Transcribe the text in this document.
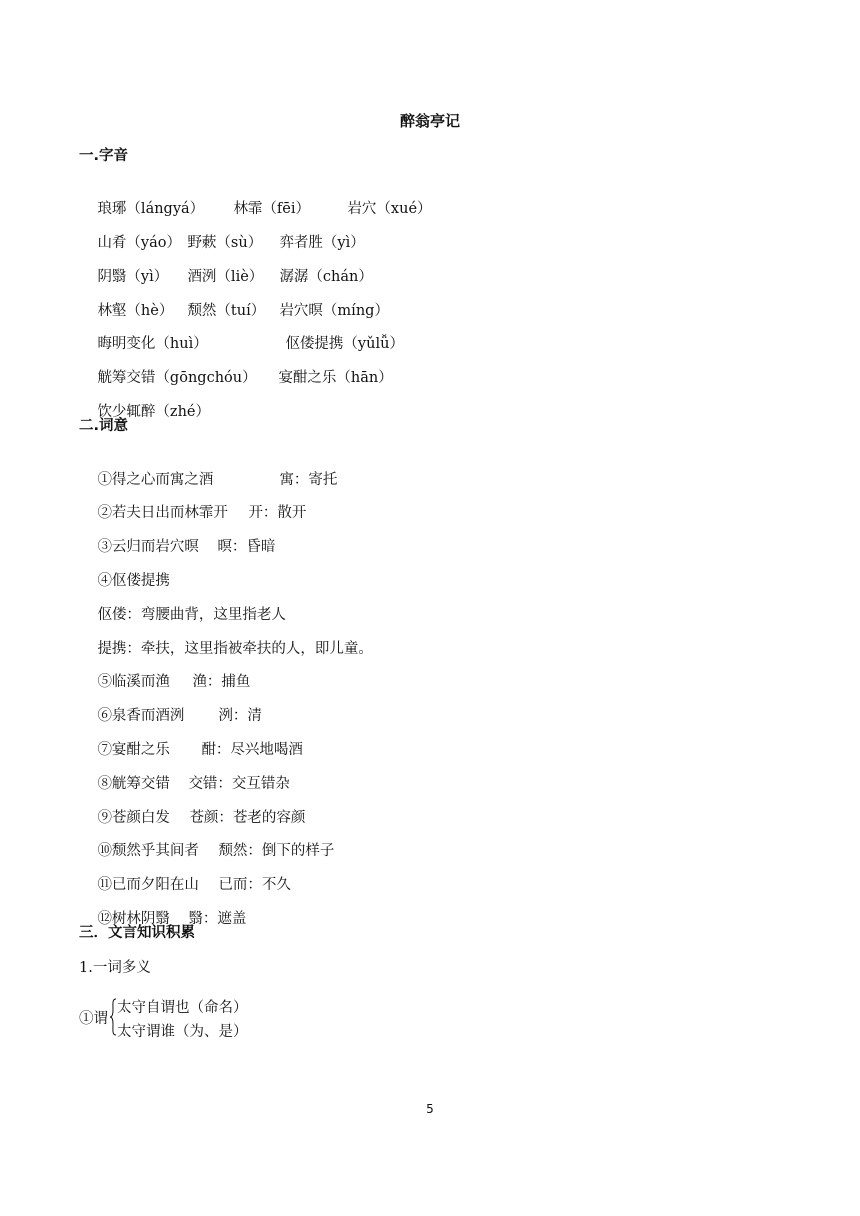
醉翁亭记
一.字音

琅琊（lángyá） 林霏（fēi）	岩穴（xué）

山肴（yáo） 野蔌（sù） 弈者胜（yì）

阴翳（yì） 酒洌（liè） 潺潺（chán）

林壑（hè） 颓然（tuí） 岩穴暝（míng）

晦明变化（huì）	伛偻提携（yǔlǚ）

觥筹交错（gōngchóu） 宴酣之乐（hān）

饮少辄醉（zhé）

二.词意

①得之心而寓之酒	寓：寄托

②若夫日出而林霏开 开：散开

③云归而岩穴暝 暝：昏暗

④伛偻提携

伛偻：弯腰曲背，这里指老人

提携：牵扶，这里指被牵扶的人，即儿童。

⑤临溪而渔 渔：捕鱼

⑥泉香而酒洌 洌：清

⑦宴酣之乐 酣：尽兴地喝酒

⑧觥筹交错 交错：交互错杂

⑨苍颜白发 苍颜：苍老的容颜

⑩颓然乎其间者 颓然：倒下的样子

⑪已而夕阳在山 已而：不久

⑫树林阴翳 翳：遮盖

三．文言知识积累
1.一词多义
①谓
太守自谓也（命名）
太守谓谁（为、是）
5
